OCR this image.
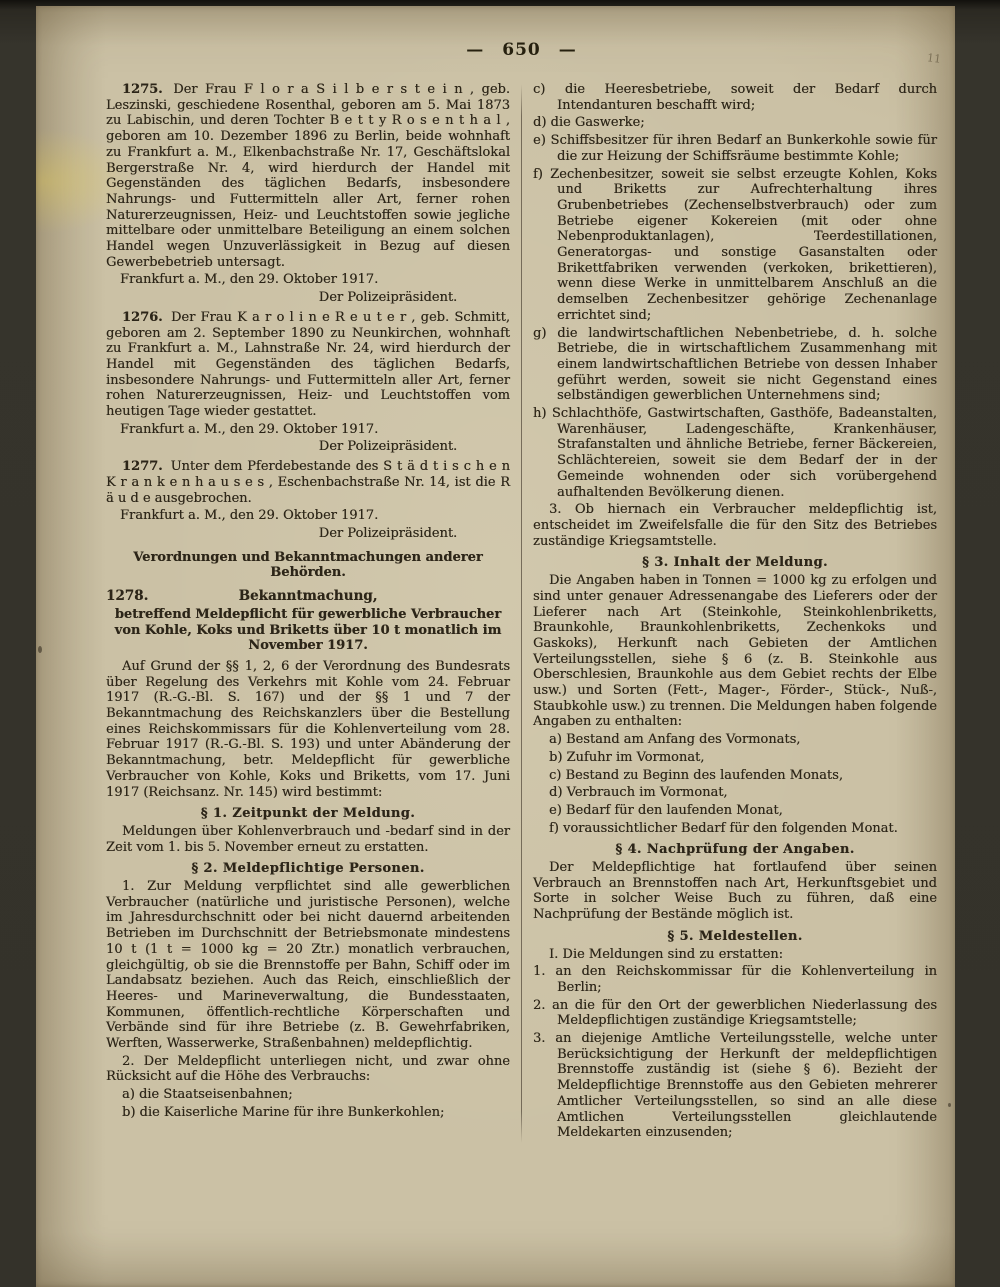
— 650 —	11
1275. Der Frau F l o r a S i l b e r s t e i n , geb. Leszinski, geschiedene Rosenthal, geboren am 5. Mai 1873 zu Labischin, und deren Tochter B e t t y R o s e n t h a l , geboren am 10. Dezember 1896 zu Berlin, beide wohnhaft zu Frankfurt a. M., Elkenbachstraße Nr. 17, Geschäftslokal Bergerstraße Nr. 4, wird hierdurch der Handel mit Gegenständen des täglichen Bedarfs, insbesondere Nahrungs- und Futtermitteln aller Art, ferner rohen Naturerzeugnissen, Heiz- und Leuchtstoffen sowie jegliche mittelbare oder unmittelbare Beteiligung an einem solchen Handel wegen Unzuverlässigkeit in Bezug auf diesen Gewerbebetrieb untersagt.
Frankfurt a. M., den 29. Oktober 1917.
Der Polizeipräsident.
1276. Der Frau K a r o l i n e R e u t e r , geb. Schmitt, geboren am 2. September 1890 zu Neunkirchen, wohnhaft zu Frankfurt a. M., Lahnstraße Nr. 24, wird hierdurch der Handel mit Gegenständen des täglichen Bedarfs, insbesondere Nahrungs- und Futtermitteln aller Art, ferner rohen Naturerzeugnissen, Heiz- und Leuchtstoffen vom heutigen Tage wieder gestattet.
Frankfurt a. M., den 29. Oktober 1917.
Der Polizeipräsident.
1277. Unter dem Pferdebestande des S t ä d t i s c h e n K r a n k e n h a u s e s , Eschenbachstraße Nr. 14, ist die R ä u d e ausgebrochen.
Frankfurt a. M., den 29. Oktober 1917.
Der Polizeipräsident.
Verordnungen und Bekanntmachungen anderer Behörden.
1278.	Bekanntmachung,
betreffend Meldepflicht für gewerbliche Verbraucher von Kohle, Koks und Briketts über 10 t monatlich im November 1917.
Auf Grund der §§ 1, 2, 6 der Verordnung des Bundesrats über Regelung des Verkehrs mit Kohle vom 24. Februar 1917 (R.-G.-Bl. S. 167) und der §§ 1 und 7 der Bekanntmachung des Reichskanzlers über die Bestellung eines Reichskommissars für die Kohlenverteilung vom 28. Februar 1917 (R.-G.-Bl. S. 193) und unter Abänderung der Bekanntmachung, betr. Meldepflicht für gewerbliche Verbraucher von Kohle, Koks und Briketts, vom 17. Juni 1917 (Reichsanz. Nr. 145) wird bestimmt:
§ 1. Zeitpunkt der Meldung.
Meldungen über Kohlenverbrauch und -bedarf sind in der Zeit vom 1. bis 5. November erneut zu erstatten.
§ 2. Meldepflichtige Personen.
1. Zur Meldung verpflichtet sind alle gewerblichen Verbraucher (natürliche und juristische Personen), welche im Jahresdurchschnitt oder bei nicht dauernd arbeitenden Betrieben im Durchschnitt der Betriebsmonate mindestens 10 t (1 t = 1000 kg = 20 Ztr.) monatlich verbrauchen, gleichgültig, ob sie die Brennstoffe per Bahn, Schiff oder im Landabsatz beziehen. Auch das Reich, einschließlich der Heeres- und Marineverwaltung, die Bundesstaaten, Kommunen, öffentlich-rechtliche Körperschaften und Verbände sind für ihre Betriebe (z. B. Gewehrfabriken, Werften, Wasserwerke, Straßenbahnen) meldepflichtig.
2. Der Meldepflicht unterliegen nicht, und zwar ohne Rücksicht auf die Höhe des Verbrauchs:
a) die Staatseisenbahnen;
b) die Kaiserliche Marine für ihre Bunkerkohlen;
c) die Heeresbetriebe, soweit der Bedarf durch Intendanturen beschafft wird;
d) die Gaswerke;
e) Schiffsbesitzer für ihren Bedarf an Bunkerkohle sowie für die zur Heizung der Schiffsräume bestimmte Kohle;
f) Zechenbesitzer, soweit sie selbst erzeugte Kohlen, Koks und Briketts zur Aufrechterhaltung ihres Grubenbetriebes (Zechenselbstverbrauch) oder zum Betriebe eigener Kokereien (mit oder ohne Nebenproduktanlagen), Teerdestillationen, Generatorgas- und sonstige Gasanstalten oder Brikettfabriken verwenden (verkoken, brikettieren), wenn diese Werke in unmittelbarem Anschluß an die demselben Zechenbesitzer gehörige Zechenanlage errichtet sind;
g) die landwirtschaftlichen Nebenbetriebe, d. h. solche Betriebe, die in wirtschaftlichem Zusammenhang mit einem landwirtschaftlichen Betriebe von dessen Inhaber geführt werden, soweit sie nicht Gegenstand eines selbständigen gewerblichen Unternehmens sind;
h) Schlachthöfe, Gastwirtschaften, Gasthöfe, Badeanstalten, Warenhäuser, Ladengeschäfte, Krankenhäuser, Strafanstalten und ähnliche Betriebe, ferner Bäckereien, Schlächtereien, soweit sie dem Bedarf der in der Gemeinde wohnenden oder sich vorübergehend aufhaltenden Bevölkerung dienen.
3. Ob hiernach ein Verbraucher meldepflichtig ist, entscheidet im Zweifelsfalle die für den Sitz des Betriebes zuständige Kriegsamtstelle.
§ 3. Inhalt der Meldung.
Die Angaben haben in Tonnen = 1000 kg zu erfolgen und sind unter genauer Adressenangabe des Lieferers oder der Lieferer nach Art (Steinkohle, Steinkohlenbriketts, Braunkohle, Braunkohlenbriketts, Zechenkoks und Gaskoks), Herkunft nach Gebieten der Amtlichen Verteilungsstellen, siehe § 6 (z. B. Steinkohle aus Oberschlesien, Braunkohle aus dem Gebiet rechts der Elbe usw.) und Sorten (Fett-, Mager-, Förder-, Stück-, Nuß-, Staubkohle usw.) zu trennen. Die Meldungen haben folgende Angaben zu enthalten:
a) Bestand am Anfang des Vormonats,
b) Zufuhr im Vormonat,
c) Bestand zu Beginn des laufenden Monats,
d) Verbrauch im Vormonat,
e) Bedarf für den laufenden Monat,
f) voraussichtlicher Bedarf für den folgenden Monat.
§ 4. Nachprüfung der Angaben.
Der Meldepflichtige hat fortlaufend über seinen Verbrauch an Brennstoffen nach Art, Herkunftsgebiet und Sorte in solcher Weise Buch zu führen, daß eine Nachprüfung der Bestände möglich ist.
§ 5. Meldestellen.
I. Die Meldungen sind zu erstatten:
1. an den Reichskommissar für die Kohlenverteilung in Berlin;
2. an die für den Ort der gewerblichen Niederlassung des Meldepflichtigen zuständige Kriegsamtstelle;
3. an diejenige Amtliche Verteilungsstelle, welche unter Berücksichtigung der Herkunft der meldepflichtigen Brennstoffe zuständig ist (siehe § 6). Bezieht der Meldepflichtige Brennstoffe aus den Gebieten mehrerer Amtlicher Verteilungsstellen, so sind an alle diese Amtlichen Verteilungsstellen gleichlautende Meldekarten einzusenden;
